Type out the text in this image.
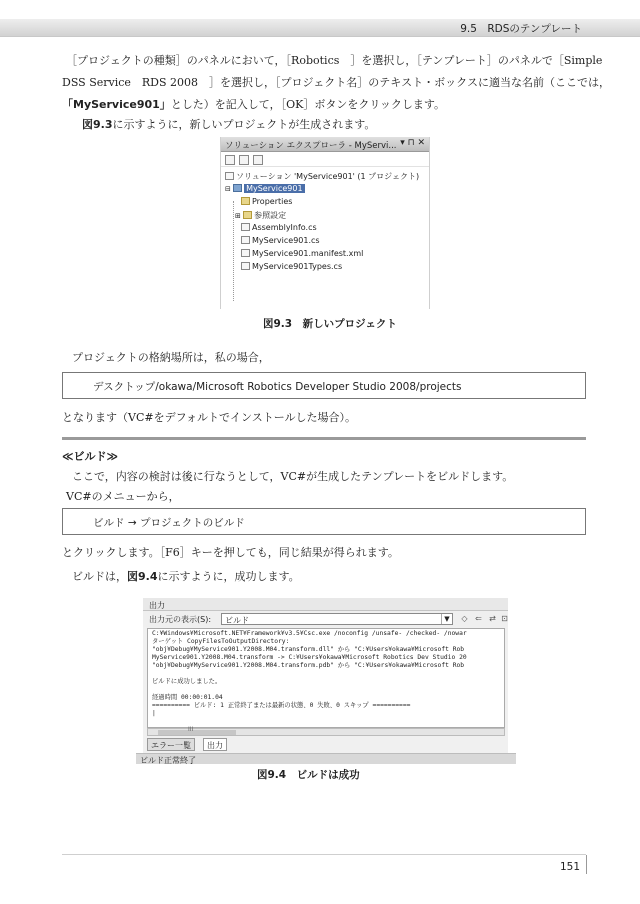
9.5　RDSのテンプレート
［プロジェクトの種類］のパネルにおいて，［Robotics　］を選択し，［テンプレート］のパネルで［Simple
DSS Service　RDS 2008　］を選択し，［プロジェクト名］のテキスト・ボックスに適当な名前（ここでは，
「MyService901」とした）を記入して，［OK］ボタンをクリックします。
図9.3に示すように，新しいプロジェクトが生成されます。
ソリューション エクスプローラ - MyServi... ▾ ⊓ ✕
ソリューション 'MyService901' (1 プロジェクト)
⊟ MyService901
Properties
⊞ 参照設定
AssemblyInfo.cs
MyService901.cs
MyService901.manifest.xml
MyService901Types.cs
図9.3　新しいプロジェクト
プロジェクトの格納場所は，私の場合，
デスクトップ/okawa/Microsoft Robotics Developer Studio 2008/projects
となります（VC#をデフォルトでインストールした場合）。
≪ビルド≫
ここで，内容の検討は後に行なうとして，VC#が生成したテンプレートをビルドします。
VC#のメニューから，
ビルド → プロジェクトのビルド
とクリックします。［F6］キーを押しても，同じ結果が得られます。
ビルドは，図9.4に示すように，成功します。
出力
出力元の表示(S): ビルド	▼	◇ ⇐ ⇄ ⊡
C:¥Windows¥Microsoft.NET¥Framework¥v3.5¥Csc.exe /noconfig /unsafe- /checked- /nowar
ターゲット CopyFilesToOutputDirectory:
"obj¥Debug¥MyService901.Y2008.M04.transform.dll" から "C:¥Users¥okawa¥Microsoft Rob
MyService901.Y2008.M04.transform -> C:¥Users¥okawa¥Microsoft Robotics Dev Studio 20
"obj¥Debug¥MyService901.Y2008.M04.transform.pdb" から "C:¥Users¥okawa¥Microsoft Rob
ビルドに成功しました。
経過時間 00:00:01.04
========== ビルド: 1 正常終了または最新の状態、0 失敗、0 スキップ ==========
|
III
エラー一覧	出力
ビルド正常終了
図9.4　ビルドは成功
151
